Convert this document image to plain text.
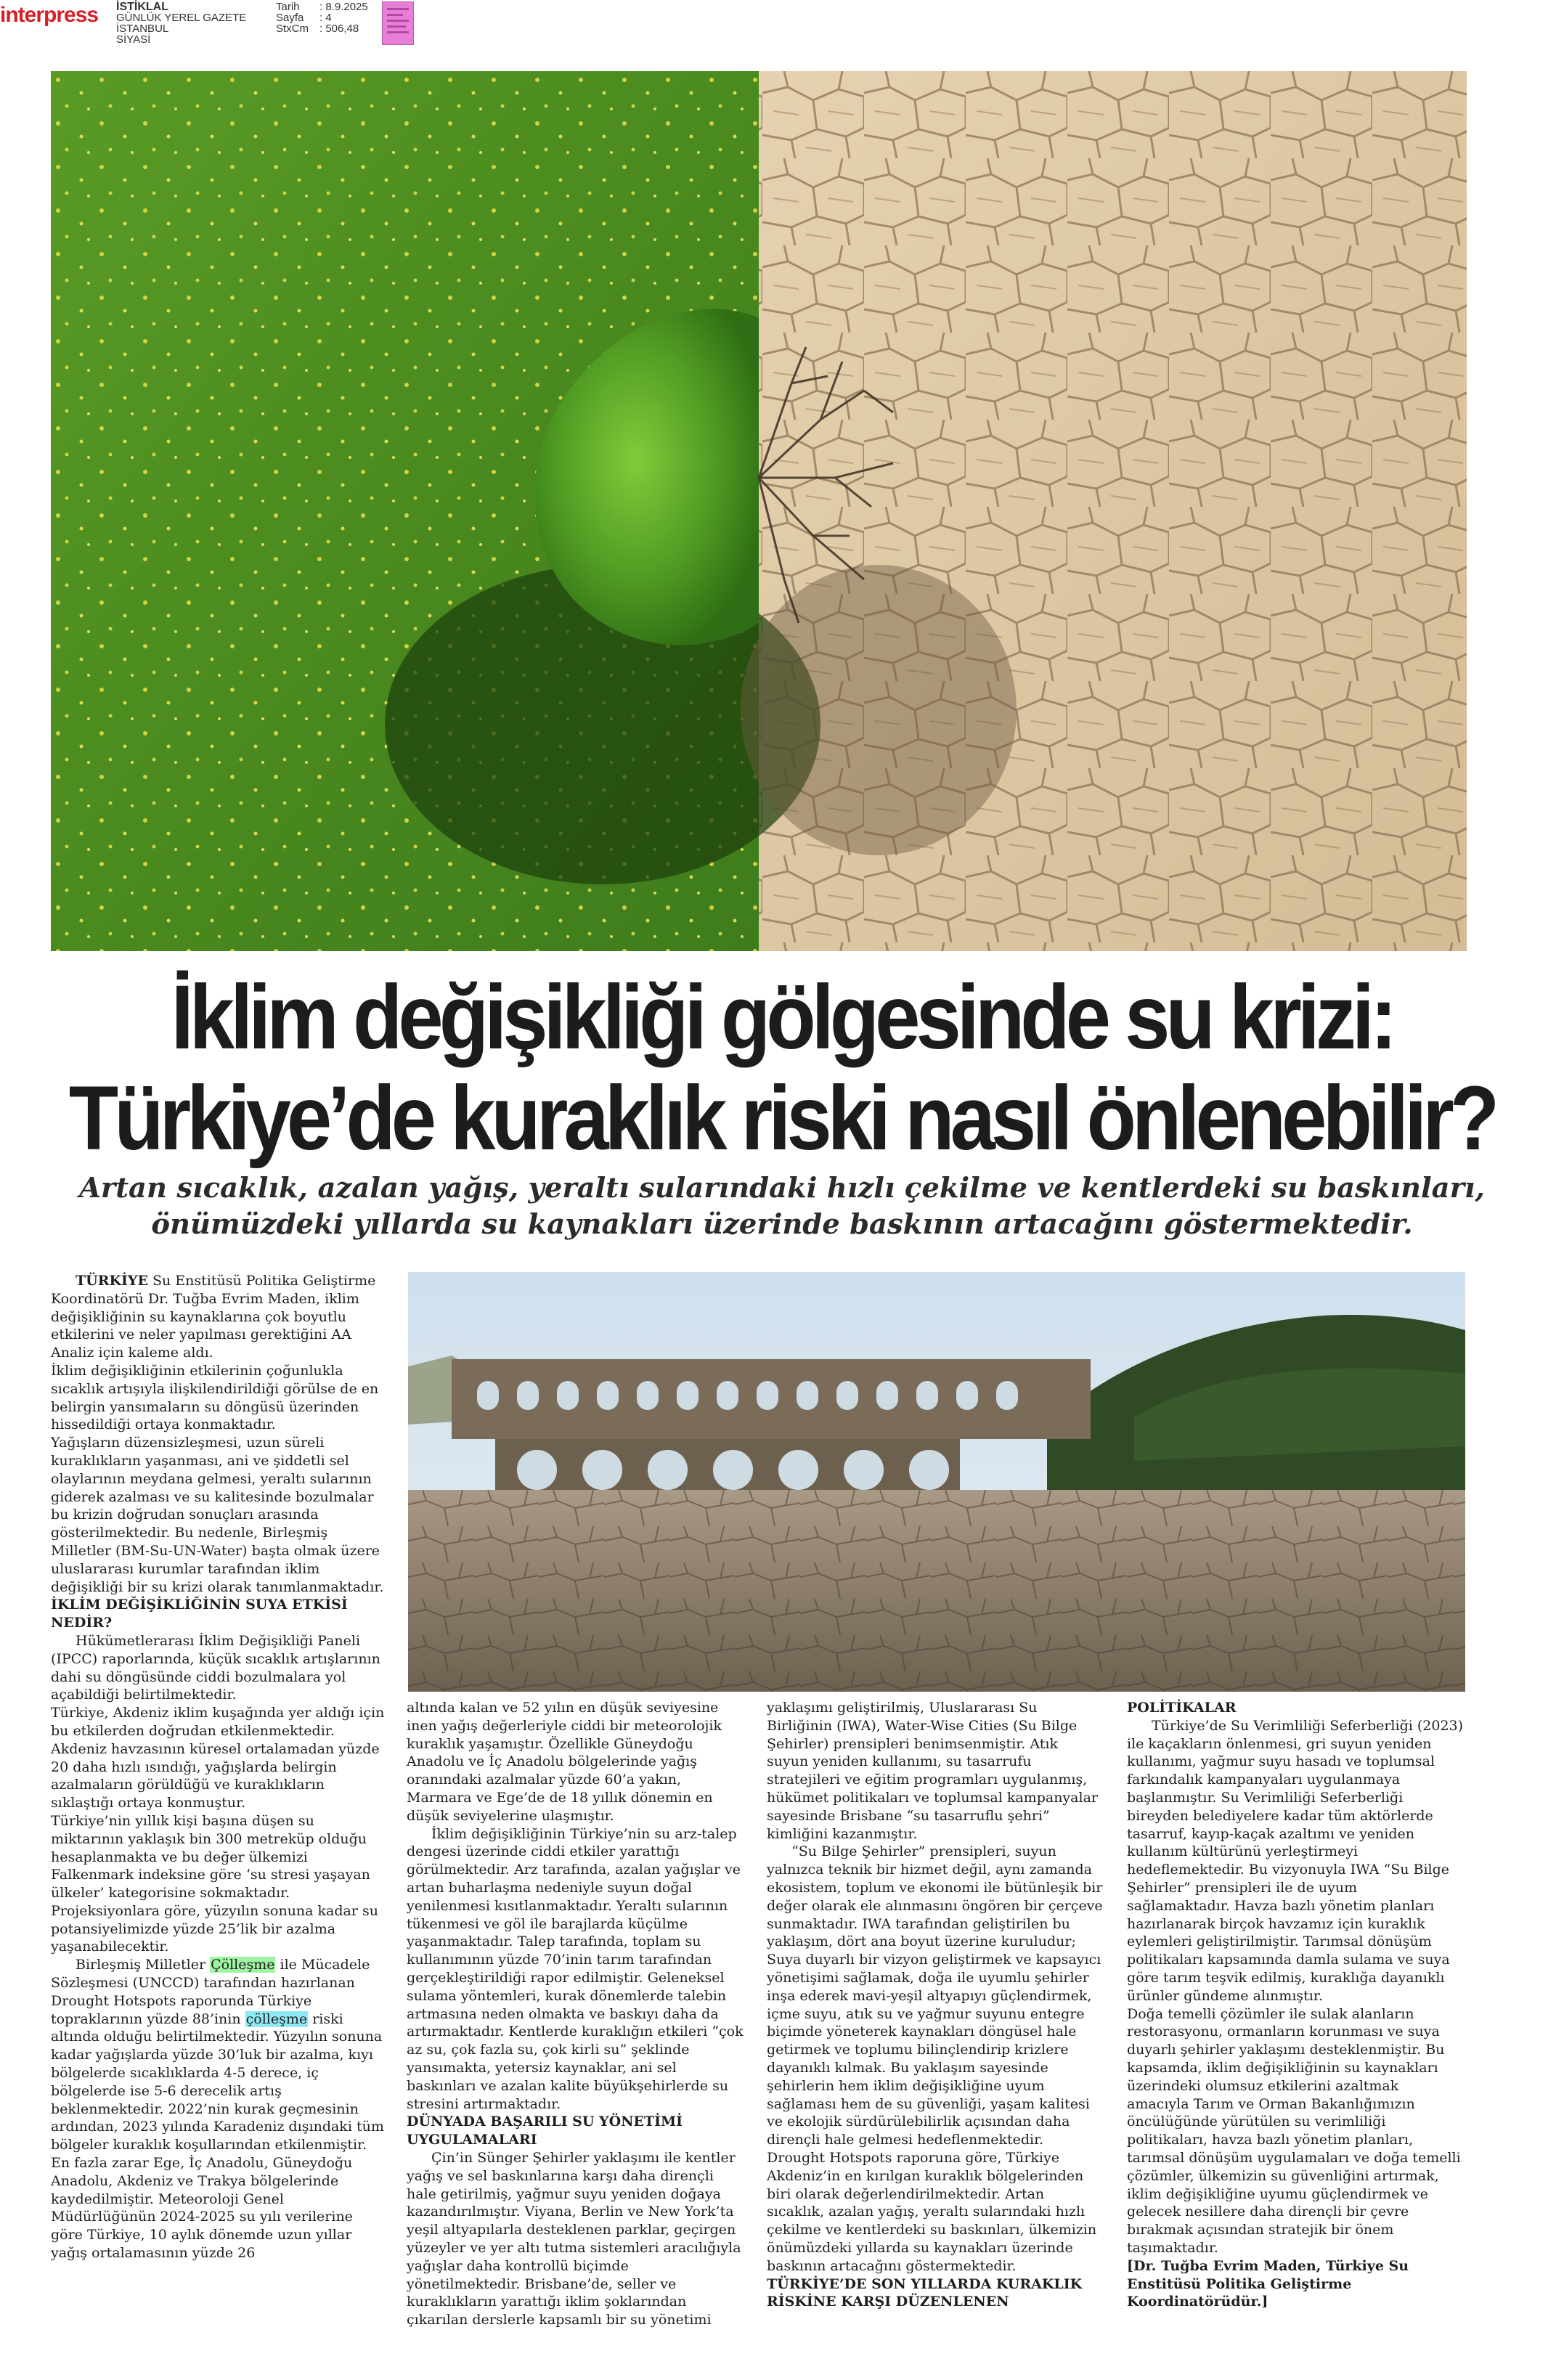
interpress	İSTİKLAL
GÜNLÜK YEREL GAZETE
İSTANBUL
SİYASİ
Tarih	: 8.9.2025
Sayfa	: 4
StxCm	: 506,48
İklim değişikliği gölgesinde su krizi:
Türkiye’de kuraklık riski nasıl önlenebilir?
Artan sıcaklık, azalan yağış, yeraltı sularındaki hızlı çekilme ve kentlerdeki su baskınları,
önümüzdeki yıllarda su kaynakları üzerinde baskının artacağını göstermektedir.

TÜRKİYE Su Enstitüsü Politika Geliştirme Koordinatörü Dr. Tuğba Evrim Maden, iklim değişikliğinin su kaynaklarına çok boyutlu etkilerini ve neler yapılması gerektiğini AA Analiz için kaleme aldı.

İklim değişikliğinin etkilerinin çoğunlukla sıcaklık artışıyla ilişkilendirildiği görülse de en belirgin yansımaların su döngüsü üzerinden hissedildiği ortaya konmaktadır.

Yağışların düzensizleşmesi, uzun süreli kuraklıkların yaşanması, ani ve şiddetli sel olaylarının meydana gelmesi, yeraltı sularının giderek azalması ve su kalitesinde bozulmalar bu krizin doğrudan sonuçları arasında gösterilmektedir. Bu nedenle, Birleşmiş Milletler (BM-Su-UN-Water) başta olmak üzere uluslararası kurumlar tarafından iklim değişikliği bir su krizi olarak tanımlanmaktadır.

İKLİM DEĞİŞİKLİĞİNİN SUYA ETKİSİ NEDİR?

Hükümetlerarası İklim Değişikliği Paneli (IPCC) raporlarında, küçük sıcaklık artışlarının dahi su döngüsünde ciddi bozulmalara yol açabildiği belirtilmektedir.

Türkiye, Akdeniz iklim kuşağında yer aldığı için bu etkilerden doğrudan etkilenmektedir.

Akdeniz havzasının küresel ortalamadan yüzde 20 daha hızlı ısındığı, yağışlarda belirgin azalmaların görüldüğü ve kuraklıkların sıklaştığı ortaya konmuştur.

Türkiye’nin yıllık kişi başına düşen su miktarının yaklaşık bin 300 metreküp olduğu hesaplanmakta ve bu değer ülkemizi Falkenmark indeksine göre ‘su stresi yaşayan ülkeler’ kategorisine sokmaktadır.

Projeksiyonlara göre, yüzyılın sonuna kadar su potansiyelimizde yüzde 25’lik bir azalma yaşanabilecektir.

Birleşmiş Milletler Çölleşme ile Mücadele Sözleşmesi (UNCCD) tarafından hazırlanan Drought Hotspots raporunda Türkiye topraklarının yüzde 88’inin çölleşme riski altında olduğu belirtilmektedir. Yüzyılın sonuna kadar yağışlarda yüzde 30’luk bir azalma, kıyı bölgelerde sıcaklıklarda 4-5 derece, iç bölgelerde ise 5-6 derecelik artış beklenmektedir. 2022’nin kurak geçmesinin ardından, 2023 yılında Karadeniz dışındaki tüm bölgeler kuraklık koşullarından etkilenmiştir. En fazla zarar Ege, İç Anadolu, Güneydoğu Anadolu, Akdeniz ve Trakya bölgelerinde kaydedilmiştir. Meteoroloji Genel Müdürlüğünün 2024-2025 su yılı verilerine göre Türkiye, 10 aylık dönemde uzun yıllar yağış ortalamasının yüzde 26

altında kalan ve 52 yılın en düşük seviyesine inen yağış değerleriyle ciddi bir meteorolojik kuraklık yaşamıştır. Özellikle Güneydoğu Anadolu ve İç Anadolu bölgelerinde yağış oranındaki azalmalar yüzde 60’a yakın, Marmara ve Ege’de de 18 yıllık dönemin en düşük seviyelerine ulaşmıştır.

İklim değişikliğinin Türkiye’nin su arz-talep dengesi üzerinde ciddi etkiler yarattığı görülmektedir. Arz tarafında, azalan yağışlar ve artan buharlaşma nedeniyle suyun doğal yenilenmesi kısıtlanmaktadır. Yeraltı sularının tükenmesi ve göl ile barajlarda küçülme yaşanmaktadır. Talep tarafında, toplam su kullanımının yüzde 70’inin tarım tarafından gerçekleştirildiği rapor edilmiştir. Geleneksel sulama yöntemleri, kurak dönemlerde talebin artmasına neden olmakta ve baskıyı daha da artırmaktadır. Kentlerde kuraklığın etkileri “çok az su, çok fazla su, çok kirli su” şeklinde yansımakta, yetersiz kaynaklar, ani sel baskınları ve azalan kalite büyükşehirlerde su stresini artırmaktadır.

DÜNYADA BAŞARILI SU YÖNETİMİ UYGULAMALARI

Çin’in Sünger Şehirler yaklaşımı ile kentler yağış ve sel baskınlarına karşı daha dirençli hale getirilmiş, yağmur suyu yeniden doğaya kazandırılmıştır. Viyana, Berlin ve New York’ta yeşil altyapılarla desteklenen parklar, geçirgen yüzeyler ve yer altı tutma sistemleri aracılığıyla yağışlar daha kontrollü biçimde yönetilmektedir. Brisbane’de, seller ve kuraklıkların yarattığı iklim şoklarından çıkarılan derslerle kapsamlı bir su yönetimi

yaklaşımı geliştirilmiş, Uluslararası Su Birliğinin (IWA), Water-Wise Cities (Su Bilge Şehirler) prensipleri benimsenmiştir. Atık suyun yeniden kullanımı, su tasarrufu stratejileri ve eğitim programları uygulanmış, hükümet politikaları ve toplumsal kampanyalar sayesinde Brisbane “su tasarruflu şehri” kimliğini kazanmıştır.

“Su Bilge Şehirler” prensipleri, suyun yalnızca teknik bir hizmet değil, aynı zamanda ekosistem, toplum ve ekonomi ile bütünleşik bir değer olarak ele alınmasını öngören bir çerçeve sunmaktadır. IWA tarafından geliştirilen bu yaklaşım, dört ana boyut üzerine kuruludur; Suya duyarlı bir vizyon geliştirmek ve kapsayıcı yönetişimi sağlamak, doğa ile uyumlu şehirler inşa ederek mavi-yeşil altyapıyı güçlendirmek, içme suyu, atık su ve yağmur suyunu entegre biçimde yöneterek kaynakları döngüsel hale getirmek ve toplumu bilinçlendirip krizlere dayanıklı kılmak. Bu yaklaşım sayesinde şehirlerin hem iklim değişikliğine uyum sağlaması hem de su güvenliği, yaşam kalitesi ve ekolojik sürdürülebilirlik açısından daha dirençli hale gelmesi hedeflenmektedir.

Drought Hotspots raporuna göre, Türkiye Akdeniz’in en kırılgan kuraklık bölgelerinden biri olarak değerlendirilmektedir. Artan sıcaklık, azalan yağış, yeraltı sularındaki hızlı çekilme ve kentlerdeki su baskınları, ülkemizin önümüzdeki yıllarda su kaynakları üzerinde baskının artacağını göstermektedir.

TÜRKİYE’DE SON YILLARDA KURAKLIK RİSKİNE KARŞI DÜZENLENEN

POLİTİKALAR

Türkiye’de Su Verimliliği Seferberliği (2023) ile kaçakların önlenmesi, gri suyun yeniden kullanımı, yağmur suyu hasadı ve toplumsal farkındalık kampanyaları uygulanmaya başlanmıştır. Su Verimliliği Seferberliği bireyden belediyelere kadar tüm aktörlerde tasarruf, kayıp-kaçak azaltımı ve yeniden kullanım kültürünü yerleştirmeyi hedeflemektedir. Bu vizyonuyla IWA “Su Bilge Şehirler” prensipleri ile de uyum sağlamaktadır. Havza bazlı yönetim planları hazırlanarak birçok havzamız için kuraklık eylemleri geliştirilmiştir. Tarımsal dönüşüm politikaları kapsamında damla sulama ve suya göre tarım teşvik edilmiş, kuraklığa dayanıklı ürünler gündeme alınmıştır.

Doğa temelli çözümler ile sulak alanların restorasyonu, ormanların korunması ve suya duyarlı şehirler yaklaşımı desteklenmiştir. Bu kapsamda, iklim değişikliğinin su kaynakları üzerindeki olumsuz etkilerini azaltmak amacıyla Tarım ve Orman Bakanlığımızın öncülüğünde yürütülen su verimliliği politikaları, havza bazlı yönetim planları, tarımsal dönüşüm uygulamaları ve doğa temelli çözümler, ülkemizin su güvenliğini artırmak, iklim değişikliğine uyumu güçlendirmek ve gelecek nesillere daha dirençli bir çevre bırakmak açısından stratejik bir önem taşımaktadır.

[Dr. Tuğba Evrim Maden, Türkiye Su Enstitüsü Politika Geliştirme Koordinatörüdür.]
